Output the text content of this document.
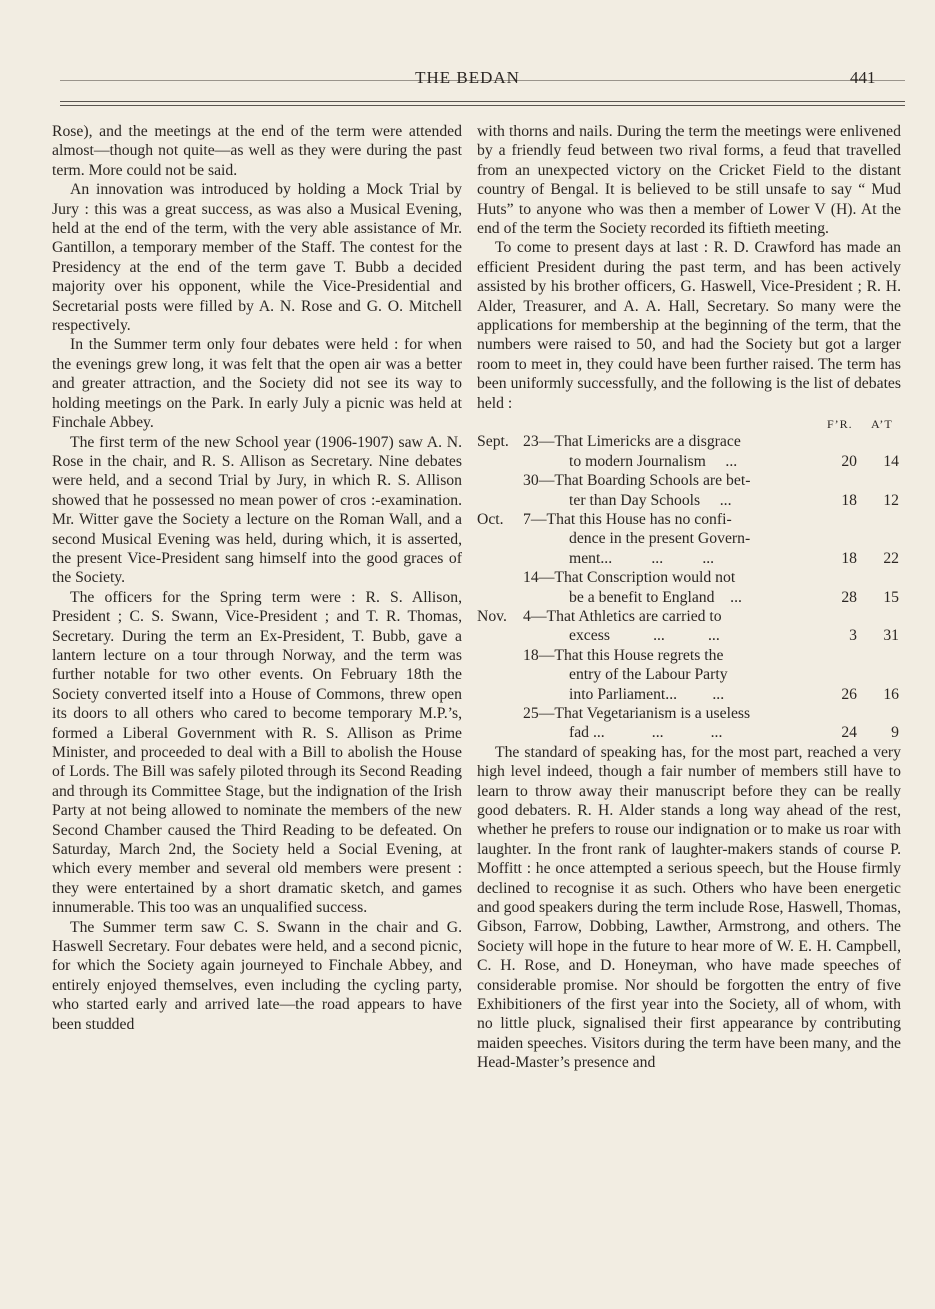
THE BEDAN	441

Rose), and the meetings at the end of the term were attended almost—though not quite—as well as they were during the past term. More could not be said.

An innovation was introduced by holding a Mock Trial by Jury : this was a great success, as was also a Musical Evening, held at the end of the term, with the very able assistance of Mr. Gantillon, a temporary member of the Staff. The contest for the Presidency at the end of the term gave T. Bubb a decided majority over his opponent, while the Vice-Presidential and Secretarial posts were filled by A. N. Rose and G. O. Mitchell respectively.

In the Summer term only four debates were held : for when the evenings grew long, it was felt that the open air was a better and greater attraction, and the Society did not see its way to holding meetings on the Park. In early July a picnic was held at Finchale Abbey.

The first term of the new School year (1906-1907) saw A. N. Rose in the chair, and R. S. Allison as Secretary. Nine debates were held, and a second Trial by Jury, in which R. S. Allison showed that he possessed no mean power of cros :-examination. Mr. Witter gave the Society a lecture on the Roman Wall, and a second Musical Evening was held, during which, it is asserted, the present Vice-President sang himself into the good graces of the Society.

The officers for the Spring term were : R. S. Allison, President ; C. S. Swann, Vice-President ; and T. R. Thomas, Secretary. During the term an Ex-President, T. Bubb, gave a lantern lecture on a tour through Norway, and the term was further notable for two other events. On February 18th the Society converted itself into a House of Commons, threw open its doors to all others who cared to become temporary M.P.’s, formed a Liberal Government with R. S. Allison as Prime Minister, and proceeded to deal with a Bill to abolish the House of Lords. The Bill was safely piloted through its Second Reading and through its Committee Stage, but the indignation of the Irish Party at not being allowed to nominate the members of the new Second Chamber caused the Third Reading to be defeated. On Saturday, March 2nd, the Society held a Social Evening, at which every member and several old members were present : they were entertained by a short dramatic sketch, and games innumerable. This too was an unqualified success.

The Summer term saw C. S. Swann in the chair and G. Haswell Secretary. Four debates were held, and a second picnic, for which the Society again journeyed to Finchale Abbey, and entirely enjoyed themselves, even including the cycling party, who started early and arrived late—the road appears to have been studded

with thorns and nails. During the term the meetings were enlivened by a friendly feud between two rival forms, a feud that travelled from an unexpected victory on the Cricket Field to the distant country of Bengal. It is believed to be still unsafe to say “ Mud Huts” to anyone who was then a member of Lower V (H). At the end of the term the Society recorded its fiftieth meeting.

To come to present days at last : R. D. Crawford has made an efficient President during the past term, and has been actively assisted by his brother officers, G. Haswell, Vice-President ; R. H. Alder, Treasurer, and A. A. Hall, Secretary. So many were the applications for membership at the beginning of the term, that the numbers were raised to 50, and had the Society but got a larger room to meet in, they could have been further raised. The term has been uniformly successfully, and the following is the list of debates held :

F’R. A’T
Sept. 23—That Limericks are a disgrace
to modern Journalism     ...	20	14
30—That Boarding Schools are bet-
ter than Day Schools     ...	18	12
Oct. 7—That this House has no confi-
dence in the present Govern-
ment...          ...          ...	18	22
14—That Conscription would not
be a benefit to England    ...	28	15
Nov. 4—That Athletics are carried to
excess           ...           ...	3	31
18—That this House regrets the
entry of the Labour Party
into Parliament...         ...	26	16
25—That Vegetarianism is a useless
fad ...            ...            ...	24	9

The standard of speaking has, for the most part, reached a very high level indeed, though a fair number of members still have to learn to throw away their manuscript before they can be really good debaters. R. H. Alder stands a long way ahead of the rest, whether he prefers to rouse our indignation or to make us roar with laughter. In the front rank of laughter-makers stands of course P. Moffitt : he once attempted a serious speech, but the House firmly declined to recognise it as such. Others who have been energetic and good speakers during the term include Rose, Haswell, Thomas, Gibson, Farrow, Dobbing, Lawther, Armstrong, and others. The Society will hope in the future to hear more of W. E. H. Campbell, C. H. Rose, and D. Honeyman, who have made speeches of considerable promise. Nor should be forgotten the entry of five Exhibitioners of the first year into the Society, all of whom, with no little pluck, signalised their first appearance by contributing maiden speeches. Visitors during the term have been many, and the Head-Master’s presence and
